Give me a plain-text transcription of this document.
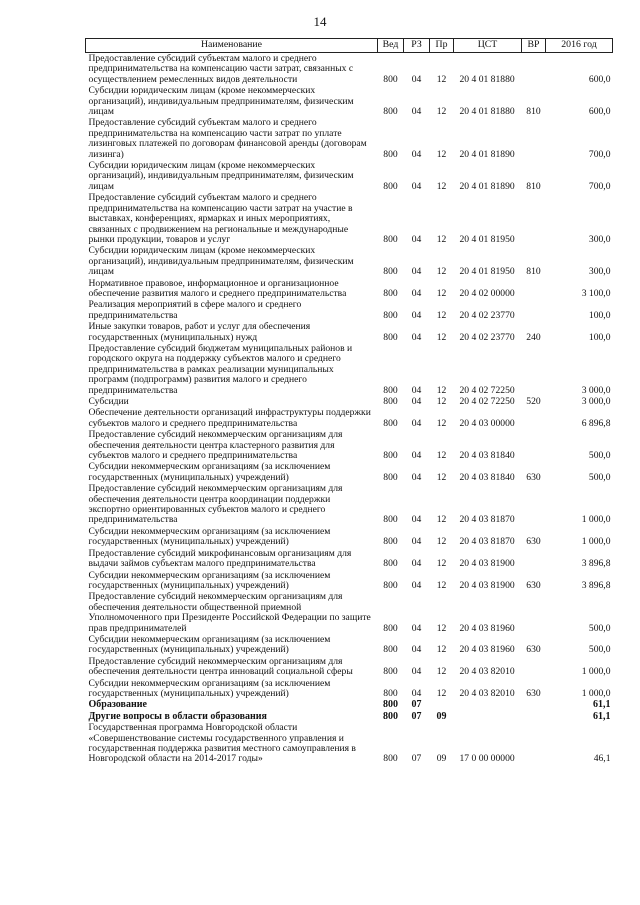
14
Наименование	Вед	РЗ	Пр	ЦСТ	ВР	2016 год
Предоставление субсидий субъектам малого и среднего предпринимательства на компенсацию части затрат, связанных с осуществлением ремесленных видов деятельности	800	04	12	20 4 01 81880		600,0
Субсидии юридическим лицам (кроме некоммерческих организаций), индивидуальным предпринимателям, физическим лицам	800	04	12	20 4 01 81880	810	600,0
Предоставление субсидий субъектам малого и среднего предпринимательства на компенсацию части затрат по уплате лизинговых платежей по договорам финансовой аренды (договорам лизинга)	800	04	12	20 4 01 81890		700,0
Субсидии юридическим лицам (кроме некоммерческих организаций), индивидуальным предпринимателям, физическим лицам	800	04	12	20 4 01 81890	810	700,0
Предоставление субсидий субъектам малого и среднего предпринимательства на компенсацию части затрат на участие в выставках, конференциях, ярмарках и иных мероприятиях, связанных с продвижением на региональные и международные рынки продукции, товаров и услуг	800	04	12	20 4 01 81950		300,0
Субсидии юридическим лицам (кроме некоммерческих организаций), индивидуальным предпринимателям, физическим лицам	800	04	12	20 4 01 81950	810	300,0
Нормативное правовое, информационное и организационное обеспечение развития малого и среднего предпринимательства	800	04	12	20 4 02 00000		3 100,0
Реализация мероприятий в сфере малого и среднего предпринимательства	800	04	12	20 4 02 23770		100,0
Иные закупки товаров, работ и услуг для обеспечения государственных (муниципальных) нужд	800	04	12	20 4 02 23770	240	100,0
Предоставление субсидий бюджетам муниципальных районов и городского округа на поддержку субъектов малого и среднего предпринимательства в рамках реализации муниципальных программ (подпрограмм) развития малого и среднего предпринимательства	800	04	12	20 4 02 72250		3 000,0
Субсидии	800	04	12	20 4 02 72250	520	3 000,0
Обеспечение деятельности организаций инфраструктуры поддержки субъектов малого и среднего предпринимательства	800	04	12	20 4 03 00000		6 896,8
Предоставление субсидий некоммерческим организациям для обеспечения деятельности центра кластерного развития для субъектов малого и среднего предпринимательства	800	04	12	20 4 03 81840		500,0
Субсидии некоммерческим организациям (за исключением государственных (муниципальных) учреждений)	800	04	12	20 4 03 81840	630	500,0
Предоставление субсидий некоммерческим организациям для обеспечения деятельности центра координации поддержки экспортно ориентированных субъектов малого и среднего предпринимательства	800	04	12	20 4 03 81870		1 000,0
Субсидии некоммерческим организациям (за исключением государственных (муниципальных) учреждений)	800	04	12	20 4 03 81870	630	1 000,0
Предоставление субсидий микрофинансовым организациям для выдачи займов субъектам малого предпринимательства	800	04	12	20 4 03 81900		3 896,8
Субсидии некоммерческим организациям (за исключением государственных (муниципальных) учреждений)	800	04	12	20 4 03 81900	630	3 896,8
Предоставление субсидий некоммерческим организациям для обеспечения деятельности общественной приемной Уполномоченного при Президенте Российской Федерации по защите прав предпринимателей	800	04	12	20 4 03 81960		500,0
Субсидии некоммерческим организациям (за исключением государственных (муниципальных) учреждений)	800	04	12	20 4 03 81960	630	500,0
Предоставление субсидий некоммерческим организациям для обеспечения деятельности центра инноваций социальной сферы	800	04	12	20 4 03 82010		1 000,0
Субсидии некоммерческим организациям (за исключением государственных (муниципальных) учреждений)	800	04	12	20 4 03 82010	630	1 000,0
Образование	800	07				61,1
Другие вопросы в области образования	800	07	09			61,1
Государственная программа Новгородской области «Совершенствование системы государственного управления и государственная поддержка развития местного самоуправления в Новгородской области на 2014-2017 годы»	800	07	09	17 0 00 00000		46,1
